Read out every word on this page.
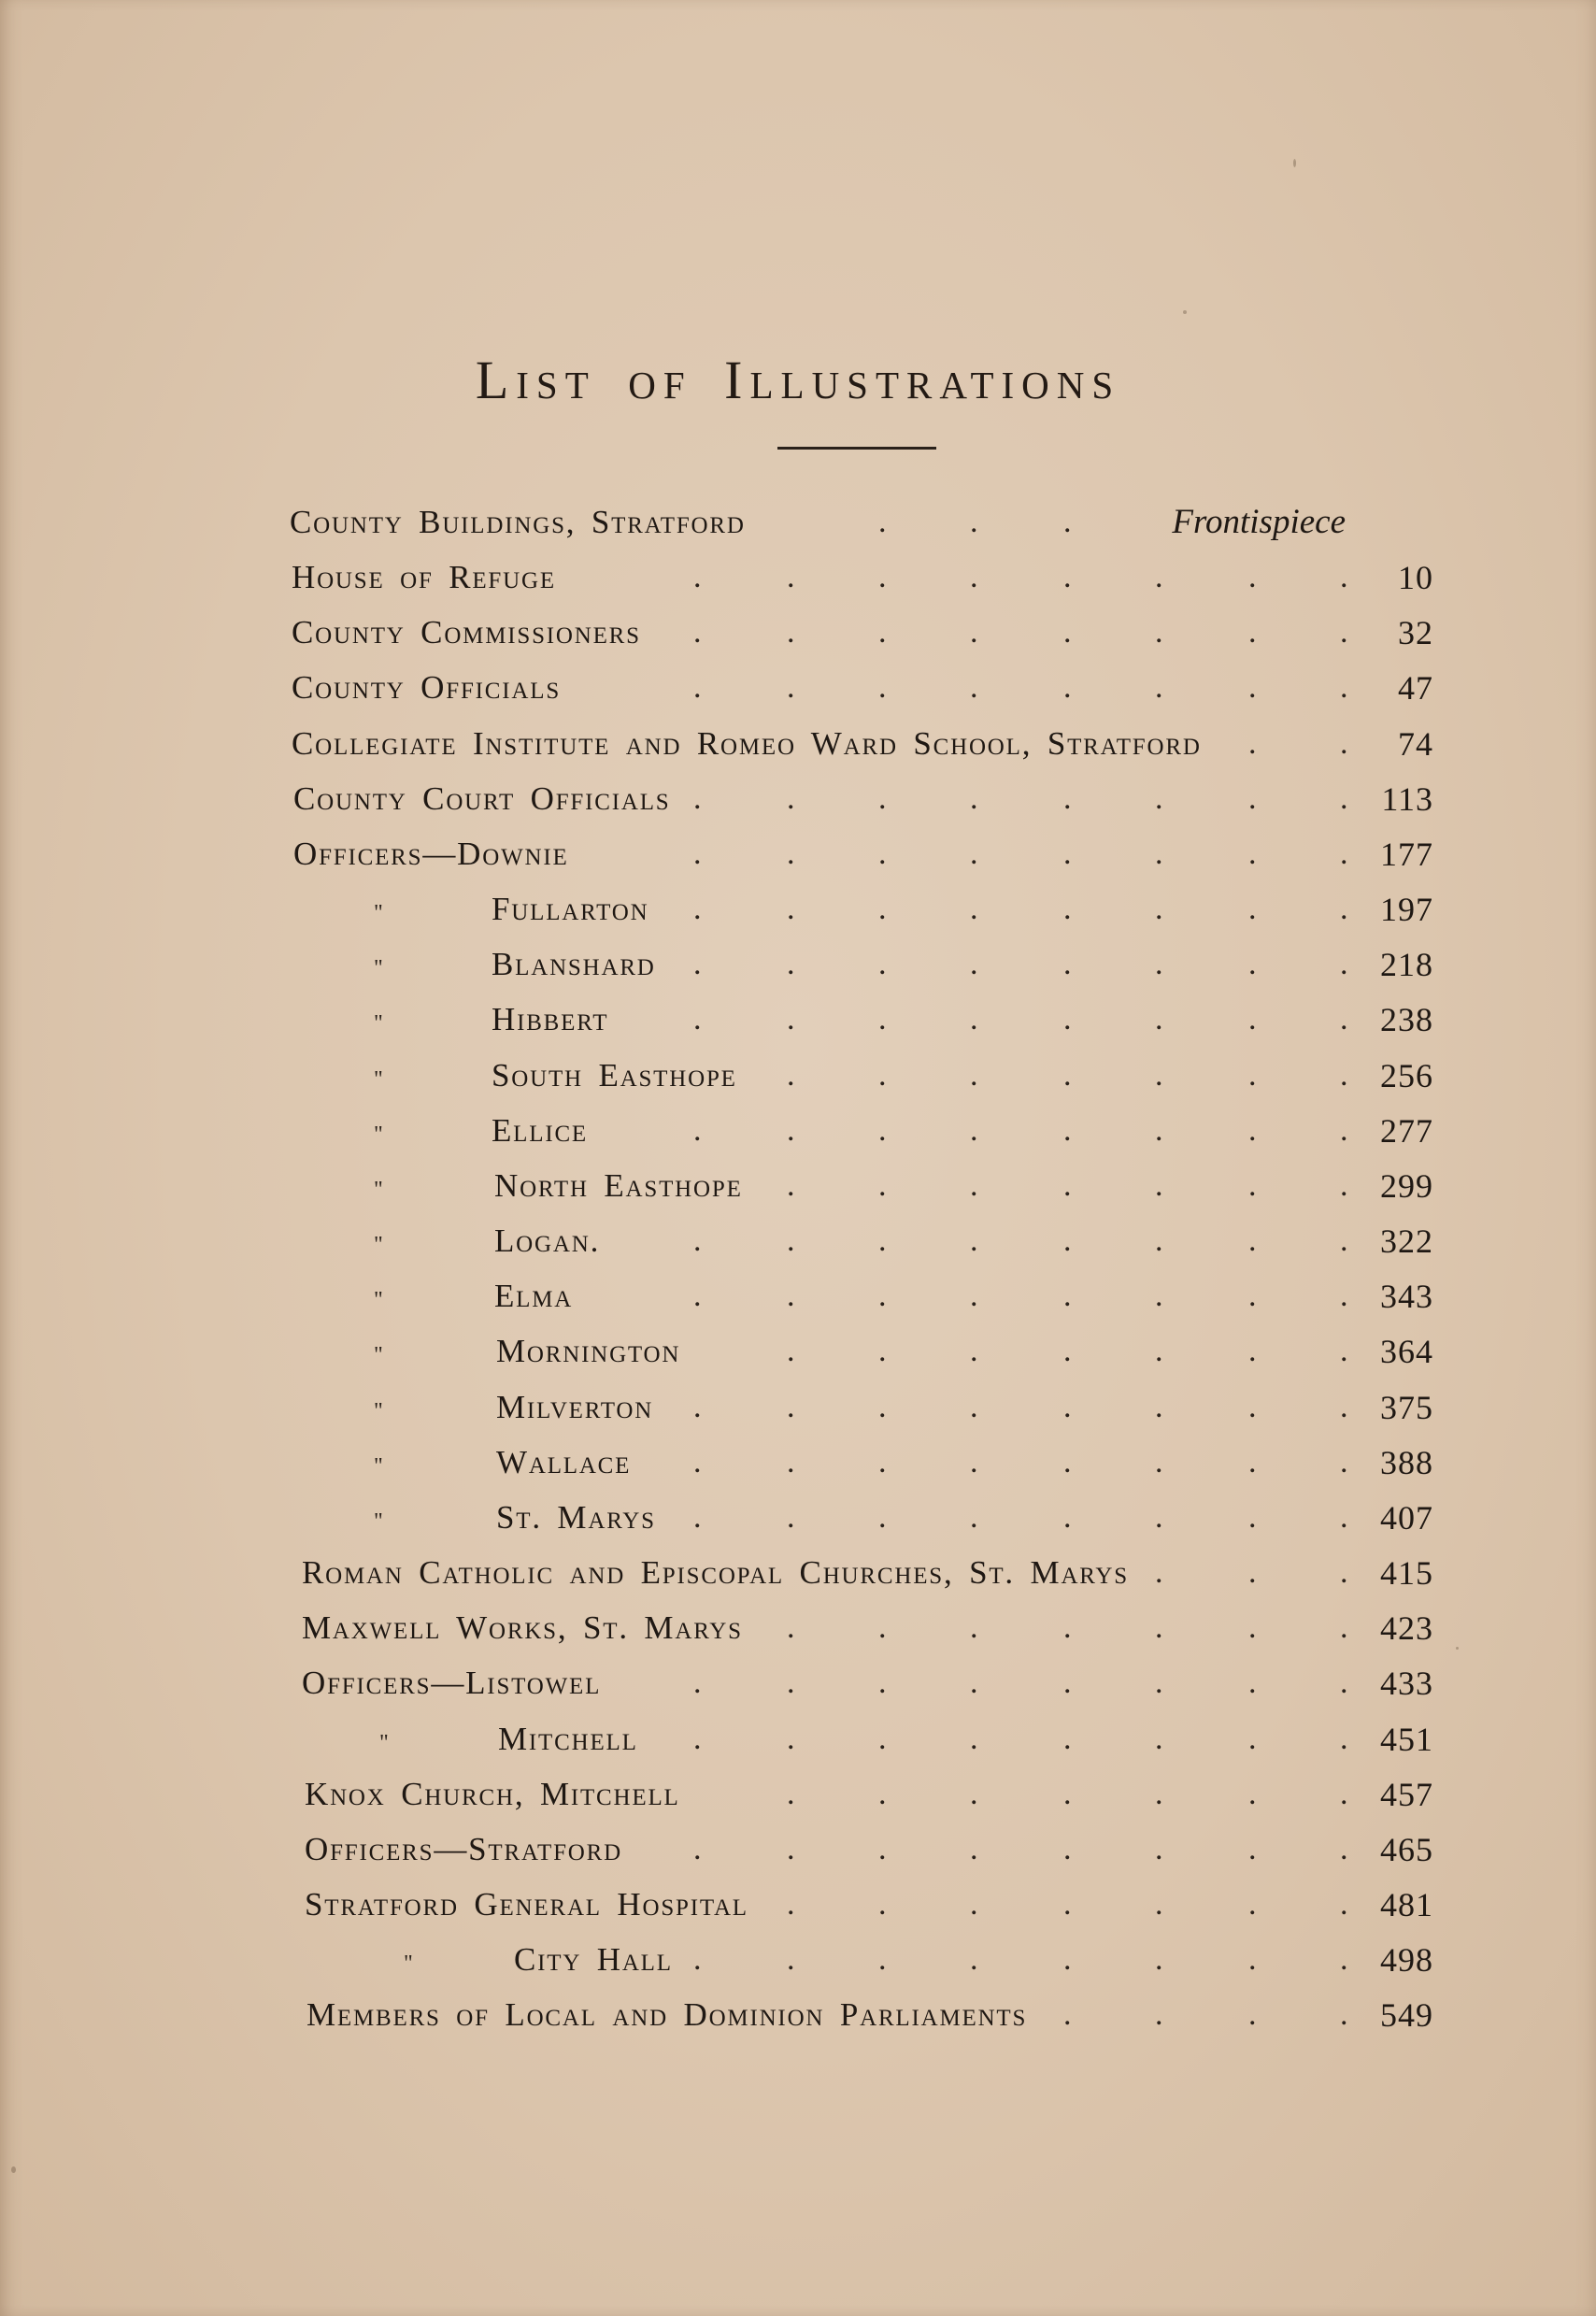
List of Illustrations
County Buildings, Stratford	.	.	.	Frontispiece
House of Refuge	.	.	.	.	.	.	.	. 10
County Commissioners .	.	.	.	.	.	.	. 32
County Officials	.	.	.	.	.	.	.	. 47
Collegiate Institute and Romeo Ward School, Stratford .	. 74
County Court Officials .	.	.	.	.	.	.	. 113
Officers—Downie	.	.	.	.	.	.	.	. 177
"	Fullarton .	.	.	.	.	.	.	. 197
"	Blanshard .	.	.	.	.	.	.	. 218
"	Hibbert	.	.	.	.	.	.	.	. 238
"	South Easthope .	.	.	.	.	.	. 256
"	Ellice	.	.	.	.	.	.	.	. 277
"	North Easthope .	.	.	.	.	.	. 299
"	Logan.	.	.	.	.	.	.	.	. 322
"	Elma	.	.	.	.	.	.	.	. 343
"	Mornington	.	.	.	.	.	.	. 364
"	Milverton .	.	.	.	.	.	.	. 375
"	Wallace .	.	.	.	.	.	.	. 388
"	St. Marys .	.	.	.	.	.	.	. 407
Roman Catholic and Episcopal Churches, St. Marys .	.	. 415
Maxwell Works, St. Marys .	.	.	.	.	.	. 423
Officers—Listowel	.	.	.	.	.	.	.	. 433
"	Mitchell .	.	.	.	.	.	.	. 451
Knox Church, Mitchell	.	.	.	.	.	.	. 457
Officers—Stratford .	.	.	.	.	.	.	. 465
Stratford General Hospital .	.	.	.	.	.	. 481
"	City Hall .	.	.	.	.	.	.	. 498
Members of Local and Dominion Parliaments .	.	.	. 549
